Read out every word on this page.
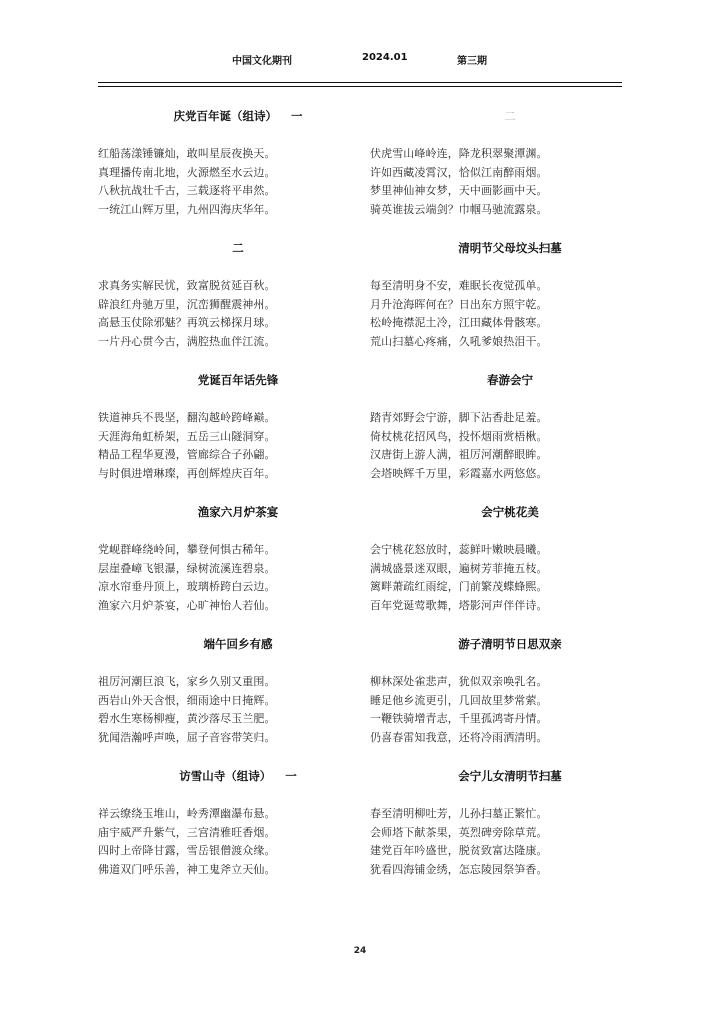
中国文化期刊	2024.01	第三期
庆党百年诞（组诗） 一
红船荡漾锤镰灿，敢叫星辰夜换天。
真理播传南北地，火源燃至水云边。
八秋抗战壮千古，三载逐将平串然。
一统江山辉万里，九州四海庆华年。
二
求真务实解民忧，致富脱贫延百秋。
辟浪红舟驰万里，沉峦狮醒震神州。
高悬玉仗除邪魅？再筑云梯探月球。
一片丹心贯今古，满腔热血伴江流。
党诞百年话先锋
铁道神兵不畏坚，翻沟越岭跨峰巅。
天涯海角虹桥架，五岳三山隧洞穿。
精品工程华夏漫，管廊综合子孙翩。
与时俱进增琳璨，再创辉煌庆百年。
渔家六月炉茶宴
党岘群峰绕岭间，攀登何惧古稀年。
层崖叠嶂飞银瀑，绿树流溪连碧泉。
凉水帘垂丹顶上，玻璃桥跨白云边。
渔家六月炉茶宴，心旷神怡人若仙。
端午回乡有感
祖厉河潮巨浪飞，家乡久别又重围。
西岩山外天含恨，细雨途中日掩辉。
碧水生寒杨柳瘦，黄沙落尽玉兰肥。
犹闻浩瀚呼声唤，屈子音容带笑归。
访雪山寺（组诗） 一
祥云缭绕玉堆山，岭秀潭幽瀑布悬。
庙宇威严升紫气，三宫清雅旺香烟。
四时上帝降甘露，雪岳银僧渡众缘。
佛道双门呼乐善，神工鬼斧立天仙。
二
伏虎雪山峰岭连，降龙积翠聚潭渊。
许如西藏凌霄汉，恰似江南醉雨烟。
梦里神仙神女梦，天中画影画中天。
骑英谁拔云端剑？巾帼马驰流露泉。
清明节父母坟头扫墓
每至清明身不安，难眠长夜觉孤单。
月升沧海晖何在？日出东方照宇乾。
松岭掩襟泥土冷，江田藏体骨骸寒。
荒山扫墓心疼痛，久吼爹娘热泪干。
春游会宁
踏青郊野会宁游，脚下沾香赴足羞。
倚杖桃花招风鸟，投怀烟雨赏梧楸。
汉唐街上游人满，祖厉河潮醉眼眸。
会塔映辉千万里，彩霞嘉水两悠悠。
会宁桃花美
会宁桃花怒放时，蕊鲜叶嫩映晨曦。
满城盛景迷双眼，遍树芳菲掩五枝。
篱畔萧疏红雨绽，门前繁茂蝶蜂熙。
百年党诞莺歌舞，塔影河声伴伴诗。
游子清明节日思双亲
柳林深处雀悲声，犹似双亲唤乳名。
睡足他乡流更引，几回故里梦常萦。
一鞭铁骑增青志，千里孤鸿寄丹情。
仍喜春雷知我意，还将冷雨洒清明。
会宁儿女清明节扫墓
春至清明柳吐芳，儿孙扫墓正繁忙。
会师塔下献茶果，英烈碑旁除草荒。
建党百年吟盛世，脱贫致富达隆康。
犹看四海铺金绣，怎忘陵园祭笋香。
24
